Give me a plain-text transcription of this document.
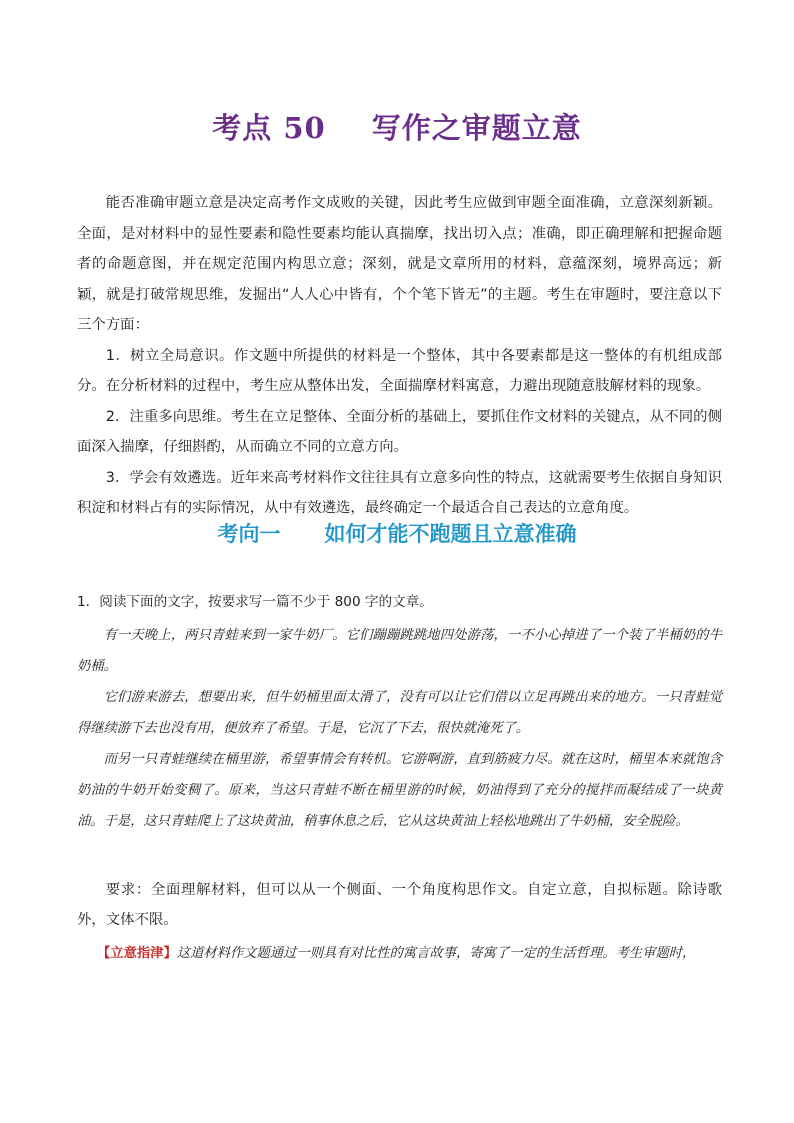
考点 50 写作之审题立意

能否准确审题立意是决定高考作文成败的关键，因此考生应做到审题全面准确，立意深刻新颖。全面，是对材料中的显性要素和隐性要素均能认真揣摩，找出切入点；准确，即正确理解和把握命题者的命题意图，并在规定范围内构思立意；深刻，就是文章所用的材料，意蕴深刻，境界高远；新颖，就是打破常规思维，发掘出“人人心中皆有，个个笔下皆无”的主题。考生在审题时，要注意以下三个方面：

1．树立全局意识。作文题中所提供的材料是一个整体，其中各要素都是这一整体的有机组成部分。在分析材料的过程中，考生应从整体出发，全面揣摩材料寓意，力避出现随意肢解材料的现象。

2．注重多向思维。考生在立足整体、全面分析的基础上，要抓住作文材料的关键点，从不同的侧面深入揣摩，仔细斟酌，从而确立不同的立意方向。

3．学会有效遴选。近年来高考材料作文往往具有立意多向性的特点，这就需要考生依据自身知识积淀和材料占有的实际情况，从中有效遴选，最终确定一个最适合自己表达的立意角度。

考向一 如何才能不跑题且立意准确
1．阅读下面的文字，按要求写一篇不少于 800 字的文章。

有一天晚上，两只青蛙来到一家牛奶厂。它们蹦蹦跳跳地四处游荡，一不小心掉进了一个装了半桶奶的牛奶桶。

它们游来游去，想要出来，但牛奶桶里面太滑了，没有可以让它们借以立足再跳出来的地方。一只青蛙觉得继续游下去也没有用，便放弃了希望。于是，它沉了下去，很快就淹死了。

而另一只青蛙继续在桶里游，希望事情会有转机。它游啊游，直到筋疲力尽。就在这时，桶里本来就饱含奶油的牛奶开始变稠了。原来，当这只青蛙不断在桶里游的时候，奶油得到了充分的搅拌而凝结成了一块黄油。于是，这只青蛙爬上了这块黄油，稍事休息之后，它从这块黄油上轻松地跳出了牛奶桶，安全脱险。

要求：全面理解材料，但可以从一个侧面、一个角度构思作文。自定立意，自拟标题。除诗歌外，文体不限。

【立意指津】这道材料作文题通过一则具有对比性的寓言故事，寄寓了一定的生活哲理。考生审题时，
